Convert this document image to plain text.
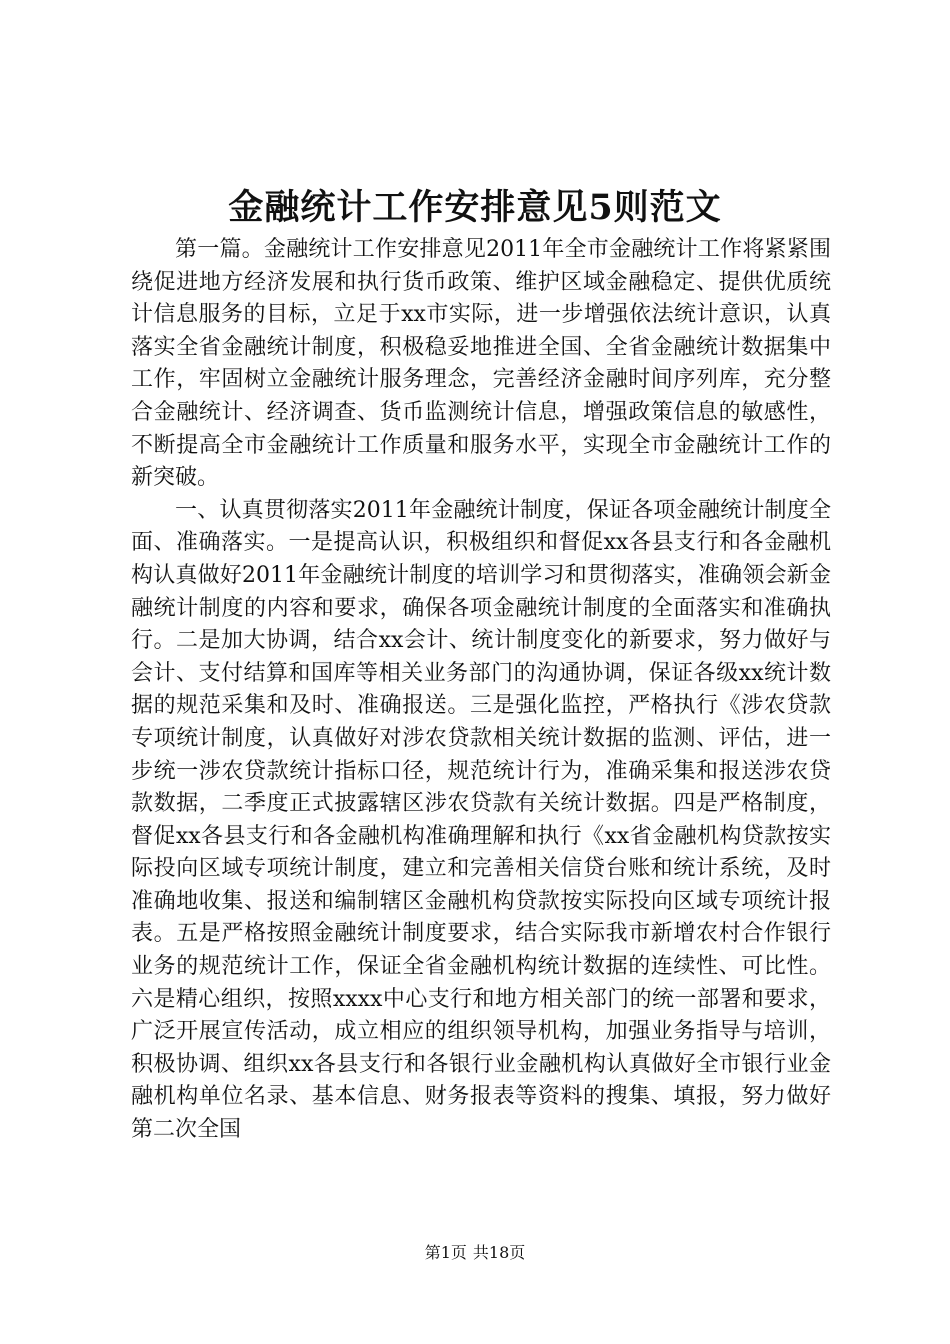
金融统计工作安排意见5则范文

第一篇。金融统计工作安排意见2011年全市金融统计工作将紧紧围绕促进地方经济发展和执行货币政策、维护区域金融稳定、提供优质统计信息服务的目标，立足于xx市实际，进一步增强依法统计意识，认真落实全省金融统计制度，积极稳妥地推进全国、全省金融统计数据集中工作，牢固树立金融统计服务理念，完善经济金融时间序列库，充分整合金融统计、经济调查、货币监测统计信息，增强政策信息的敏感性，不断提高全市金融统计工作质量和服务水平，实现全市金融统计工作的新突破。

一、认真贯彻落实2011年金融统计制度，保证各项金融统计制度全面、准确落实。一是提高认识，积极组织和督促xx各县支行和各金融机构认真做好2011年金融统计制度的培训学习和贯彻落实，准确领会新金融统计制度的内容和要求，确保各项金融统计制度的全面落实和准确执行。二是加大协调，结合xx会计、统计制度变化的新要求，努力做好与会计、支付结算和国库等相关业务部门的沟通协调，保证各级xx统计数据的规范采集和及时、准确报送。三是强化监控，严格执行《涉农贷款专项统计制度，认真做好对涉农贷款相关统计数据的监测、评估，进一步统一涉农贷款统计指标口径，规范统计行为，准确采集和报送涉农贷款数据，二季度正式披露辖区涉农贷款有关统计数据。四是严格制度，督促xx各县支行和各金融机构准确理解和执行《xx省金融机构贷款按实际投向区域专项统计制度，建立和完善相关信贷台账和统计系统，及时准确地收集、报送和编制辖区金融机构贷款按实际投向区域专项统计报表。五是严格按照金融统计制度要求，结合实际我市新增农村合作银行业务的规范统计工作，保证全省金融机构统计数据的连续性、可比性。六是精心组织，按照xxxx中心支行和地方相关部门的统一部署和要求，广泛开展宣传活动，成立相应的组织领导机构，加强业务指导与培训，积极协调、组织xx各县支行和各银行业金融机构认真做好全市银行业金融机构单位名录、基本信息、财务报表等资料的搜集、填报，努力做好第二次全国

第1页 共18页
